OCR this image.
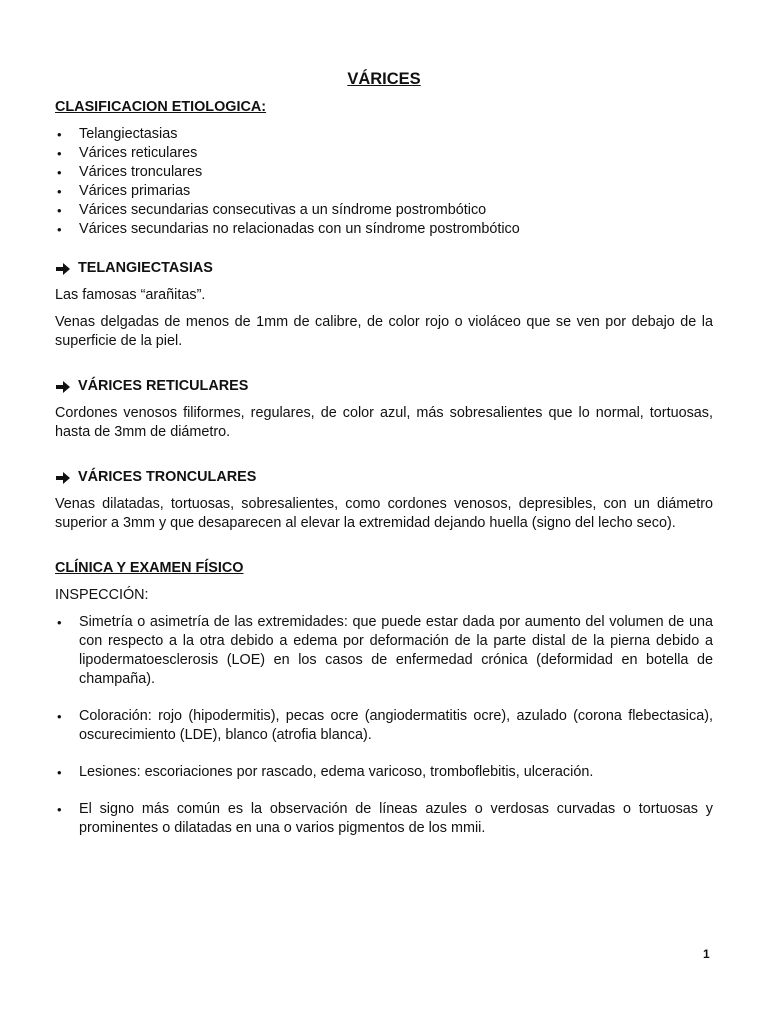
VÁRICES
CLASIFICACION ETIOLOGICA:
• Telangiectasias
• Várices reticulares
• Várices tronculares
• Várices primarias
• Várices secundarias consecutivas a un síndrome postrombótico
• Várices secundarias no relacionadas con un síndrome postrombótico
TELANGIECTASIAS
Las famosas “arañitas”.
Venas delgadas de menos de 1mm de calibre, de color rojo o violáceo que se ven por debajo de la superficie de la piel.
VÁRICES RETICULARES
Cordones venosos filiformes, regulares, de color azul, más sobresalientes que lo normal, tortuosas, hasta de 3mm de diámetro.
VÁRICES TRONCULARES
Venas dilatadas, tortuosas, sobresalientes, como cordones venosos, depresibles, con un diámetro superior a 3mm y que desaparecen al elevar la extremidad dejando huella (signo del lecho seco).
CLÍNICA Y EXAMEN FÍSICO
INSPECCIÓN:
• Simetría o asimetría de las extremidades: que puede estar dada por aumento del volumen de una con respecto a la otra debido a edema por deformación de la parte distal de la pierna debido a lipodermatoesclerosis (LOE) en los casos de enfermedad crónica (deformidad en botella de champaña).
• Coloración: rojo (hipodermitis), pecas ocre (angiodermatitis ocre), azulado (corona flebectasica), oscurecimiento (LDE), blanco (atrofia blanca).
• Lesiones: escoriaciones por rascado, edema varicoso, tromboflebitis, ulceración.
• El signo más común es la observación de líneas azules o verdosas curvadas o tortuosas y prominentes o dilatadas en una o varios pigmentos de los mmii.
1
